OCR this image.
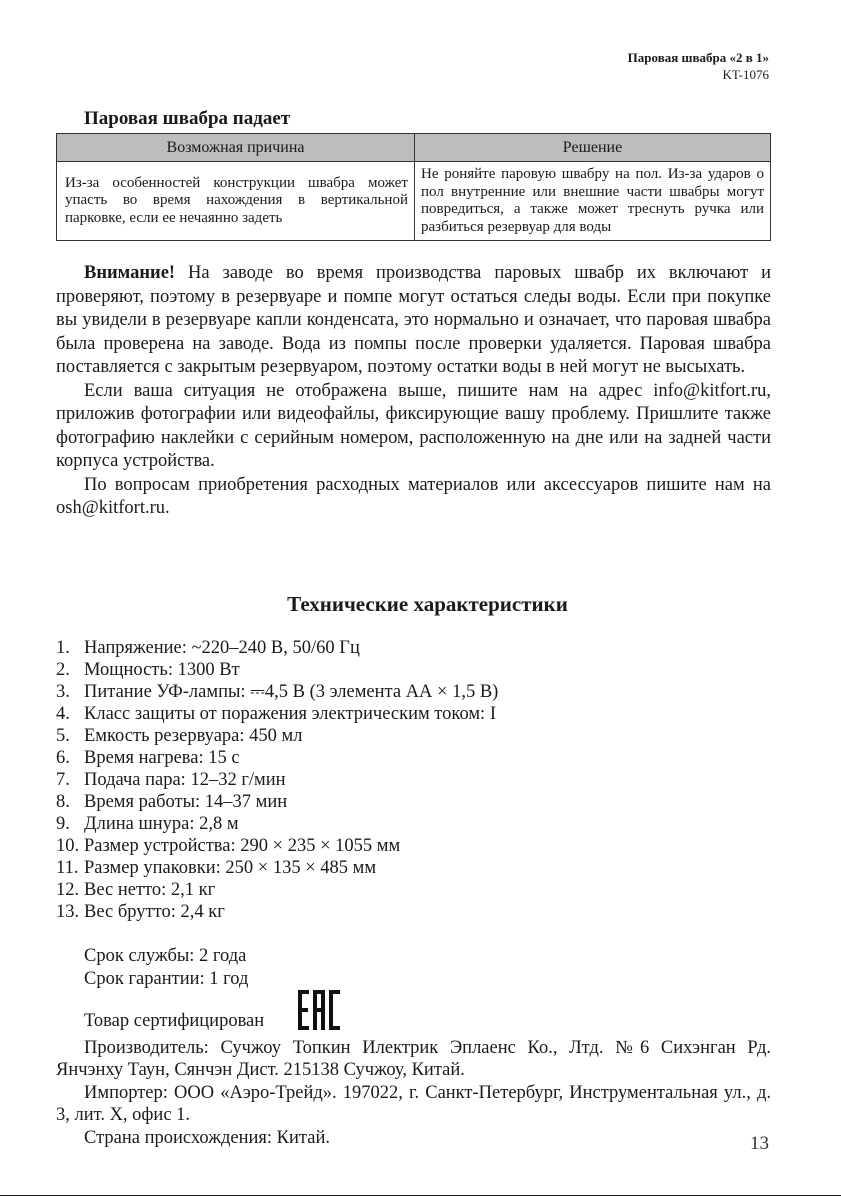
Паровая швабра «2 в 1»
KT-1076
Паровая швабра падает
Возможная причина	Решение
Из-за особенностей конструкции швабра может упасть во время нахождения в вертикальной парковке, если ее нечаянно задеть	Не роняйте паровую швабру на пол. Из-за ударов о пол внутренние или внешние части швабры могут повредиться, а также может треснуть ручка или разбиться резервуар для воды

Внимание! На заводе во время производства паровых швабр их включают и проверяют, поэтому в резервуаре и помпе могут остаться следы воды. Если при покупке вы увидели в резервуаре капли конденсата, это нормально и означает, что паровая швабра была проверена на заводе. Вода из помпы после проверки удаляется. Паровая швабра поставляется с закрытым резервуаром, поэтому остатки воды в ней могут не высыхать.

Если ваша ситуация не отображена выше, пишите нам на адрес info@kitfort.ru, приложив фотографии или видеофайлы, фиксирующие вашу проблему. Пришлите также фотографию наклейки с серийным номером, расположенную на дне или на задней части корпуса устройства.

По вопросам приобретения расходных материалов или аксессуаров пишите нам на osh@kitfort.ru.

Технические характеристики
1. Напряжение: ~220–240 В, 50/60 Гц
2. Мощность: 1300 Вт
3. Питание УФ-лампы: ⎓4,5 В (3 элемента АА × 1,5 В)
4. Класс защиты от поражения электрическим током: I
5. Емкость резервуара: 450 мл
6. Время нагрева: 15 с
7. Подача пара: 12–32 г/мин
8. Время работы: 14–37 мин
9. Длина шнура: 2,8 м
10. Размер устройства: 290 × 235 × 1055 мм
11. Размер упаковки: 250 × 135 × 485 мм
12. Вес нетто: 2,1 кг
13. Вес брутто: 2,4 кг

Срок службы: 2 года

Срок гарантии: 1 год

Товар сертифицирован

Производитель: Сучжоу Топкин Илектрик Эплаенс Ко., Лтд. №6 Сихэнган Рд. Янчэнху Таун, Сянчэн Дист. 215138 Сучжоу, Китай.

Импортер: ООО «Аэро-Трейд». 197022, г. Санкт-Петербург, Инструментальная ул., д. 3, лит. Х, офис 1.

Страна происхождения: Китай.	13
